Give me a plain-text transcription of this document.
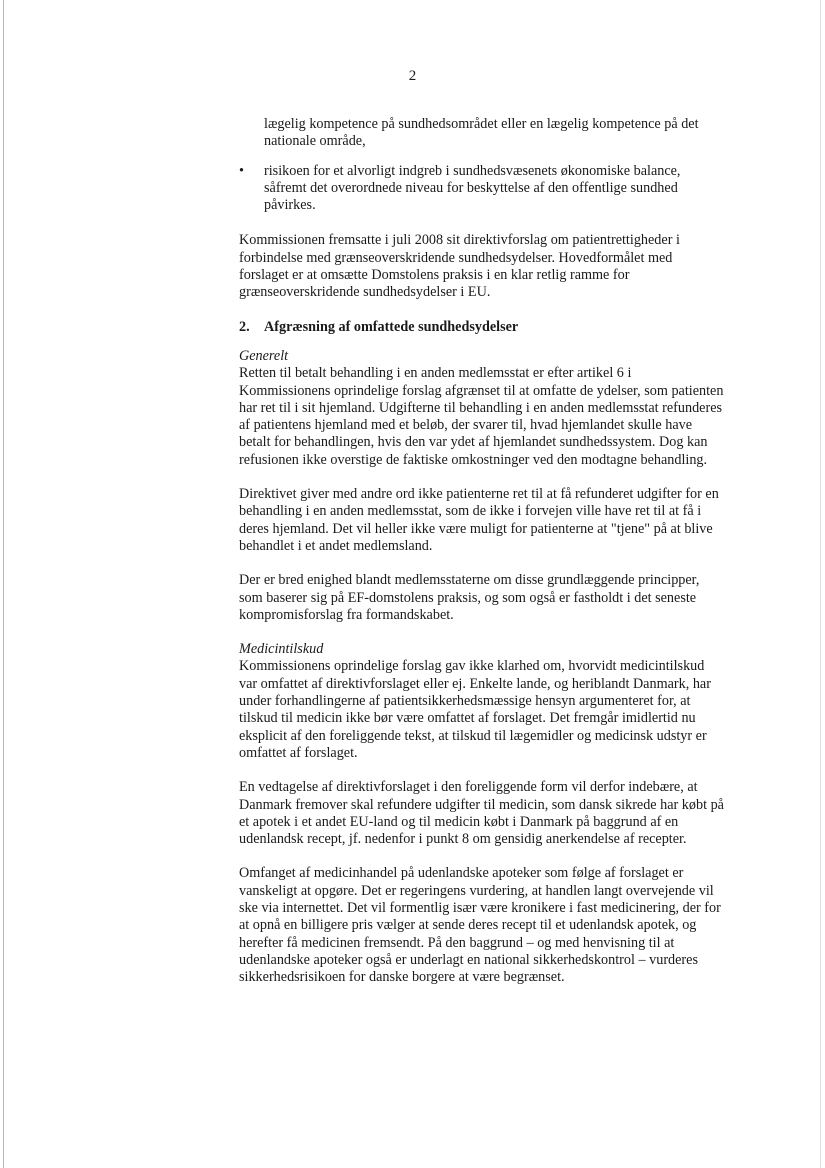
2

lægelig kompetence på sundhedsområdet eller en lægelig kompetence på det nationale område,

• risikoen for et alvorligt indgreb i sundhedsvæsenets økonomiske balance, såfremt det overordnede niveau for beskyttelse af den offentlige sundhed påvirkes.

Kommissionen fremsatte i juli 2008 sit direktivforslag om patientrettigheder i forbindelse med grænseoverskridende sundhedsydelser. Hovedformålet med forslaget er at omsætte Domstolens praksis i en klar retlig ramme for grænseoverskridende sundhedsydelser i EU.

2. Afgræsning af omfattede sundhedsydelser

Generelt

Retten til betalt behandling i en anden medlemsstat er efter artikel 6 i Kommissionens oprindelige forslag afgrænset til at omfatte de ydelser, som patienten har ret til i sit hjemland. Udgifterne til behandling i en anden medlemsstat refunderes af patientens hjemland med et beløb, der svarer til, hvad hjemlandet skulle have betalt for behandlingen, hvis den var ydet af hjemlandet sundhedssystem. Dog kan refusionen ikke overstige de faktiske omkostninger ved den modtagne behandling.

Direktivet giver med andre ord ikke patienterne ret til at få refunderet udgifter for en behandling i en anden medlemsstat, som de ikke i forvejen ville have ret til at få i deres hjemland. Det vil heller ikke være muligt for patienterne at "tjene" på at blive behandlet i et andet medlemsland.

Der er bred enighed blandt medlemsstaterne om disse grundlæggende principper, som baserer sig på EF-domstolens praksis, og som også er fastholdt i det seneste kompromisforslag fra formandskabet.

Medicintilskud

Kommissionens oprindelige forslag gav ikke klarhed om, hvorvidt medicintilskud var omfattet af direktivforslaget eller ej. Enkelte lande, og heriblandt Danmark, har under forhandlingerne af patientsikkerhedsmæssige hensyn argumenteret for, at tilskud til medicin ikke bør være omfattet af forslaget. Det fremgår imidlertid nu eksplicit af den foreliggende tekst, at tilskud til lægemidler og medicinsk udstyr er omfattet af forslaget.

En vedtagelse af direktivforslaget i den foreliggende form vil derfor indebære, at Danmark fremover skal refundere udgifter til medicin, som dansk sikrede har købt på et apotek i et andet EU-land og til medicin købt i Danmark på baggrund af en udenlandsk recept, jf. nedenfor i punkt 8 om gensidig anerkendelse af recepter.

Omfanget af medicinhandel på udenlandske apoteker som følge af forslaget er vanskeligt at opgøre. Det er regeringens vurdering, at handlen langt overvejende vil ske via internettet. Det vil formentlig især være kronikere i fast medicinering, der for at opnå en billigere pris vælger at sende deres recept til et udenlandsk apotek, og herefter få medicinen fremsendt. På den baggrund – og med henvisning til at udenlandske apoteker også er underlagt en national sikkerhedskontrol – vurderes sikkerhedsrisikoen for danske borgere at være begrænset.
